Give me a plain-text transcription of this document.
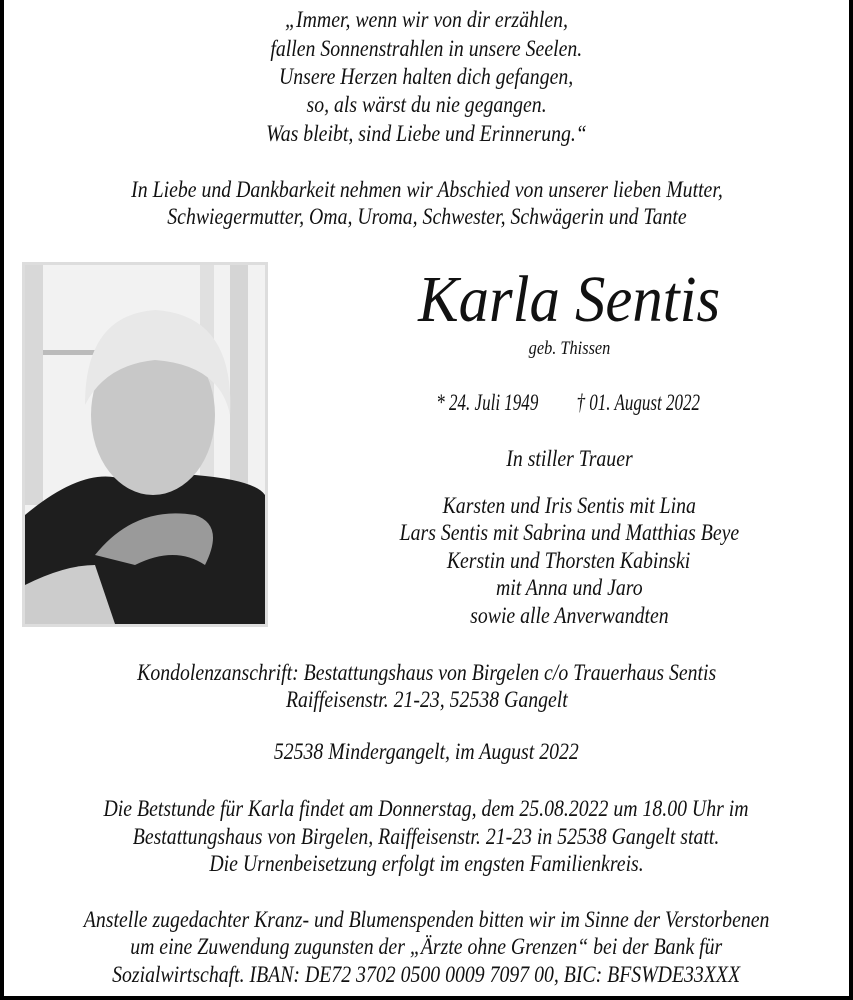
„Immer, wenn wir von dir erzählen,
fallen Sonnenstrahlen in unsere Seelen.
Unsere Herzen halten dich gefangen,
so, als wärst du nie gegangen.
Was bleibt, sind Liebe und Erinnerung.“
In Liebe und Dankbarkeit nehmen wir Abschied von unserer lieben Mutter,
Schwiegermutter, Oma, Uroma, Schwester, Schwägerin und Tante
Karla Sentis
geb. Thissen
* 24. Juli 1949 † 01. August 2022
In stiller Trauer
Karsten und Iris Sentis mit Lina
Lars Sentis mit Sabrina und Matthias Beye
Kerstin und Thorsten Kabinski
mit Anna und Jaro
sowie alle Anverwandten
Kondolenzanschrift: Bestattungshaus von Birgelen c/o Trauerhaus Sentis
Raiffeisenstr. 21-23, 52538 Gangelt
52538 Mindergangelt, im August 2022
Die Betstunde für Karla findet am Donnerstag, dem 25.08.2022 um 18.00 Uhr im
Bestattungshaus von Birgelen, Raiffeisenstr. 21-23 in 52538 Gangelt statt.
Die Urnenbeisetzung erfolgt im engsten Familienkreis.
Anstelle zugedachter Kranz- und Blumenspenden bitten wir im Sinne der Verstorbenen
um eine Zuwendung zugunsten der „Ärzte ohne Grenzen“ bei der Bank für
Sozialwirtschaft. IBAN: DE72 3702 0500 0009 7097 00, BIC: BFSWDE33XXX
